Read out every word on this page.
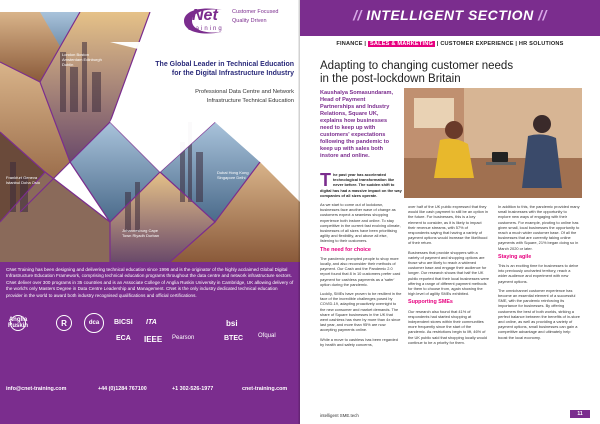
Net
training
Customer Focused
Quality Driven
The Global Leader in Technical Education for the Digital Infrastructure Industry
Professional Data Centre and Network
Infrastructure Technical Education
London Boston Amsterdam Edinburgh Dublin
Frankfurt Geneva Istanbul Doha Oslo
Dubai Hong Kong Singapore Delhi
Johannesburg Cape Town Riyadh Durban
CNet Training has been designing and delivering technical education since 1996 and is the originator of the highly acclaimed Global Digital Infrastructure Education Framework, comprising technical education programs throughout the data centre and network infrastructure sectors. CNet deliver over 300 programs in 35 countries and is an Associate College of Anglia Ruskin University in Cambridge, UK allowing delivery of the world's only Masters Degree in Data Centre Leadership and Management. CNet is the only industry dedicated technical education provider in the world to award both industry recognised qualifications and official certifications.
Anglia Ruskin	R	dca	BICSI
ECA
ITA
IEEE Pearson
bsi
BTEC Ofqual
info@cnet-training.com	+44 (0)1284 767100	+1 302-526-1977	cnet-training.com
// INTELLIGENT SECTION //
FINANCE | SALES & MARKETING | CUSTOMER EXPERIENCE | HR SOLUTIONS
Adapting to changing customer needs in the post-lockdown Britain
Kaushalya Somasundaram, Head of Payment Partnerships and Industry Relations, Square UK, explains how businesses need to keep up with customers' expectations following the pandemic to keep up with sales both instore and online.

The past year has accelerated technological transformation like never before. The sudden shift to digital has had a massive impact on the way companies of all sizes operate.

As we start to come out of lockdown, businesses face another wave of change as customers expect a seamless shopping experience both instore and online. To stay competitive in the current fast evolving climate, businesses of all sizes have been prioritising agility and flexibility, and above all else, listening to their customers.

The need for choice

The pandemic prompted people to shop more locally, and also reconsider their methods of payment. Our Cash and the Pandemic 2.0 report found that 8 in 10 customers prefer card payment for cashless payments as a 'safer' option during the pandemic.

Luckily, SMEs have proven to be resilient in the face of the incredible challenges posed by COVID-19, adapting proactively overnight to the new consumer and market demands. The share of Square businesses in the UK that went cashless has risen by more than 4x since last year, and more than 95% are now accepting payments online.

While a move to cashless has been regarded by health and safety concerns,

over half of the UK public expressed that they would like cash payment to still be an option in the future. For businesses, this is a key element to consider, as it is likely to impact their revenue streams, with 57% of respondents saying that having a variety of payment options would increase the likelihood of their return.

Businesses that provide shoppers with a variety of payment and shopping options are those who are likely to reach a widened customer base and engage their audience for longer. Our research shows that half the UK public reported that their local businesses were offering a range of different payment methods for them to choose from, again showing the high level of agility SMEs exhibited.

Supporting SMEs

Our research also found that 41% of respondents had started shopping at independent stores within their communities more frequently since the start of the pandemic. As restrictions begin to lift, 46% of the UK public said that shopping locally would continue to be a priority for them.

In addition to this, the pandemic provided many small businesses with the opportunity to explore new ways of engaging with their customers. For example, pivoting to online has given small, local businesses the opportunity to reach a much wider customer base. Of all the businesses that are currently taking online payments with Square, 21% began doing so in March 2020 or later.

Staying agile

This is an exciting time for businesses to delve into previously uncharted territory, reach a wider audience and experiment with new payment options.

The omnichannel customer experience has become an essential element of a successful SME, with the pandemic reinforcing its importance for businesses. By offering customers the best of both worlds, striking a perfect balance between the benefits of in-store and online, as well as providing a variety of payment options, small businesses can gain a competitive advantage and ultimately help boost the local economy.

intelligent SME.tech	11
